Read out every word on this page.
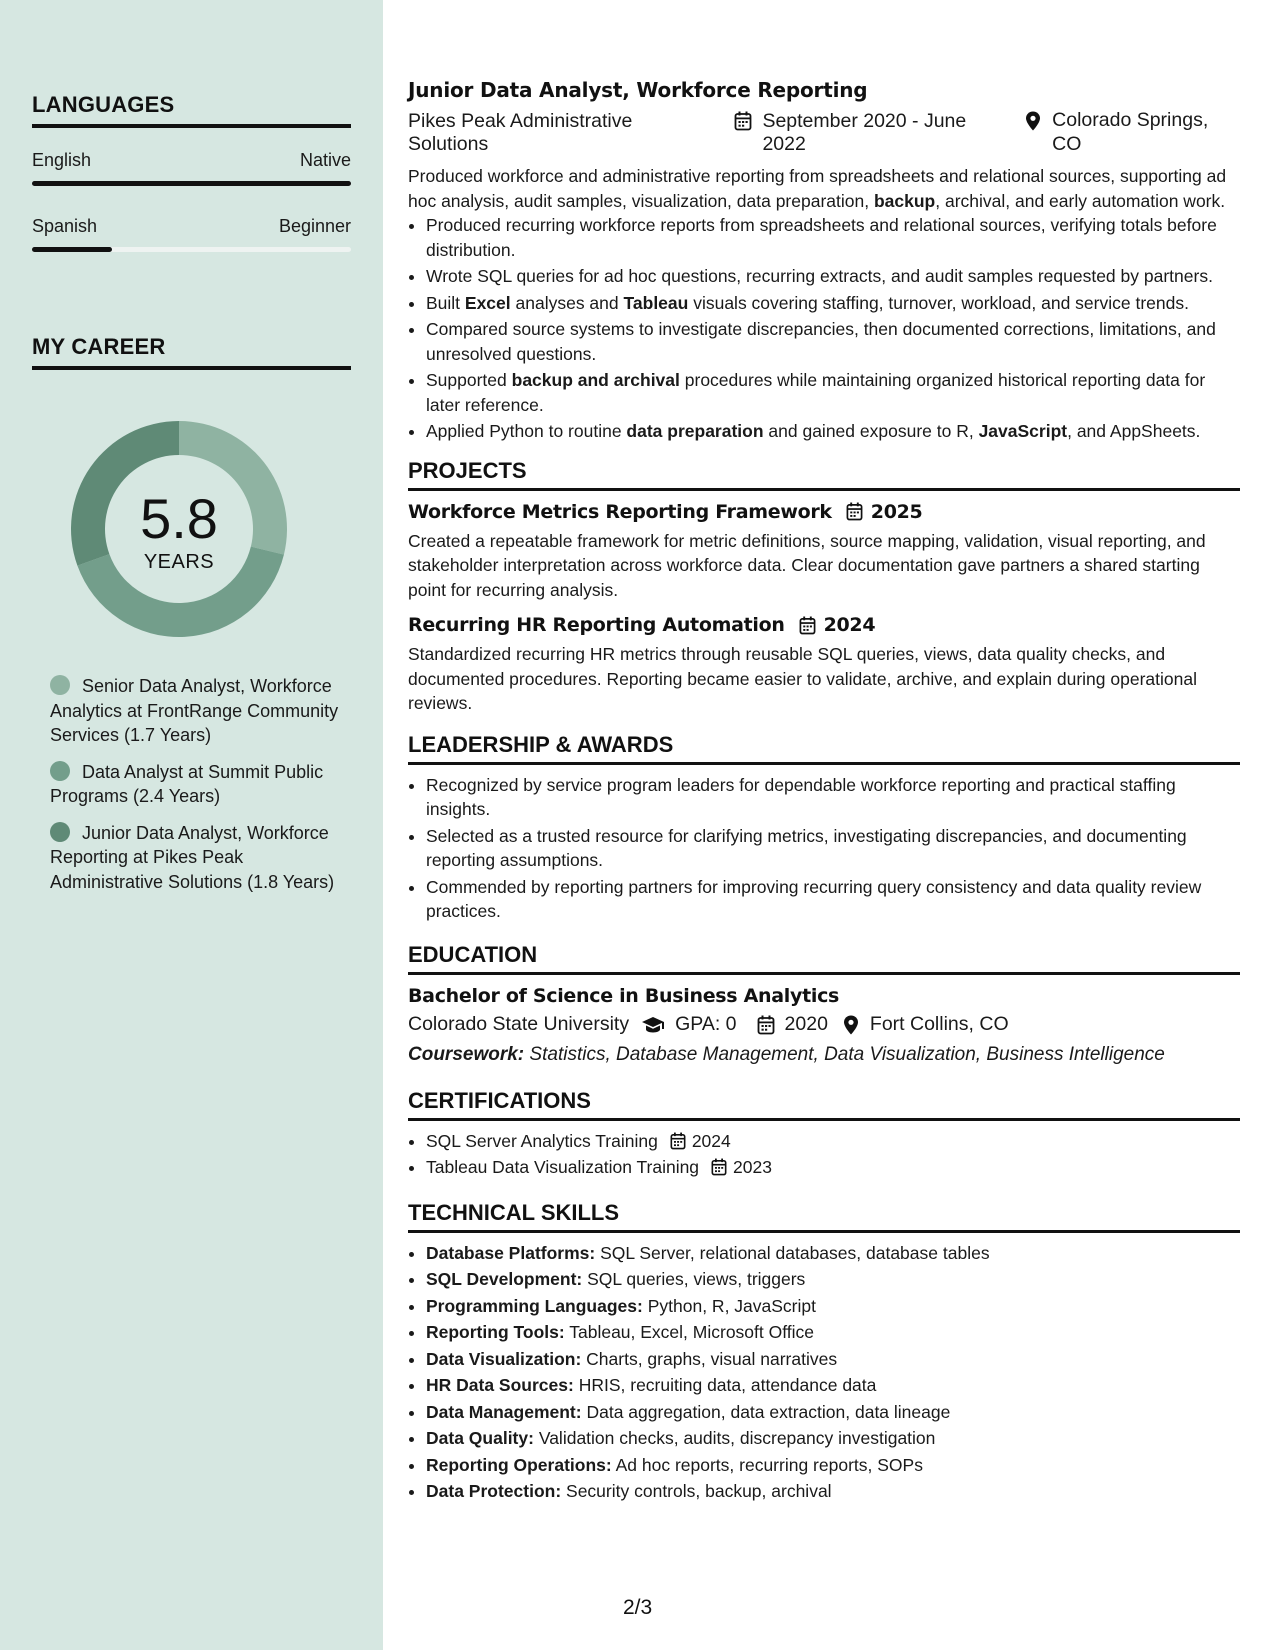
LANGUAGES
English	Native
Spanish	Beginner
MY CAREER
5.8
YEARS
Senior Data Analyst, Workforce Analytics at FrontRange Community Services (1.7 Years)
Data Analyst at Summit Public Programs (2.4 Years)
Junior Data Analyst, Workforce Reporting at Pikes Peak Administrative Solutions (1.8 Years)
Junior Data Analyst, Workforce Reporting
Pikes Peak Administrative Solutions
September 2020 - June 2022
Colorado Springs, CO

Produced workforce and administrative reporting from spreadsheets and relational sources, supporting ad hoc analysis, audit samples, visualization, data preparation, backup, archival, and early automation work.

• Produced recurring workforce reports from spreadsheets and relational sources, verifying totals before distribution.
• Wrote SQL queries for ad hoc questions, recurring extracts, and audit samples requested by partners.
• Built Excel analyses and Tableau visuals covering staffing, turnover, workload, and service trends.
• Compared source systems to investigate discrepancies, then documented corrections, limitations, and unresolved questions.
• Supported backup and archival procedures while maintaining organized historical reporting data for later reference.
• Applied Python to routine data preparation and gained exposure to R, JavaScript, and AppSheets.
PROJECTS
Workforce Metrics Reporting Framework 2025

Created a repeatable framework for metric definitions, source mapping, validation, visual reporting, and stakeholder interpretation across workforce data. Clear documentation gave partners a shared starting point for recurring analysis.

Recurring HR Reporting Automation 2024

Standardized recurring HR metrics through reusable SQL queries, views, data quality checks, and documented procedures. Reporting became easier to validate, archive, and explain during operational reviews.

LEADERSHIP & AWARDS
• Recognized by service program leaders for dependable workforce reporting and practical staffing insights.
• Selected as a trusted resource for clarifying metrics, investigating discrepancies, and documenting reporting assumptions.
• Commended by reporting partners for improving recurring query consistency and data quality review practices.
EDUCATION
Bachelor of Science in Business Analytics
Colorado State University GPA: 0 2020 Fort Collins, CO
Coursework: Statistics, Database Management, Data Visualization, Business Intelligence
CERTIFICATIONS
• SQL Server Analytics Training 2024
• Tableau Data Visualization Training 2023
TECHNICAL SKILLS
• Database Platforms: SQL Server, relational databases, database tables
• SQL Development: SQL queries, views, triggers
• Programming Languages: Python, R, JavaScript
• Reporting Tools: Tableau, Excel, Microsoft Office
• Data Visualization: Charts, graphs, visual narratives
• HR Data Sources: HRIS, recruiting data, attendance data
• Data Management: Data aggregation, data extraction, data lineage
• Data Quality: Validation checks, audits, discrepancy investigation
• Reporting Operations: Ad hoc reports, recurring reports, SOPs
• Data Protection: Security controls, backup, archival
2/3
